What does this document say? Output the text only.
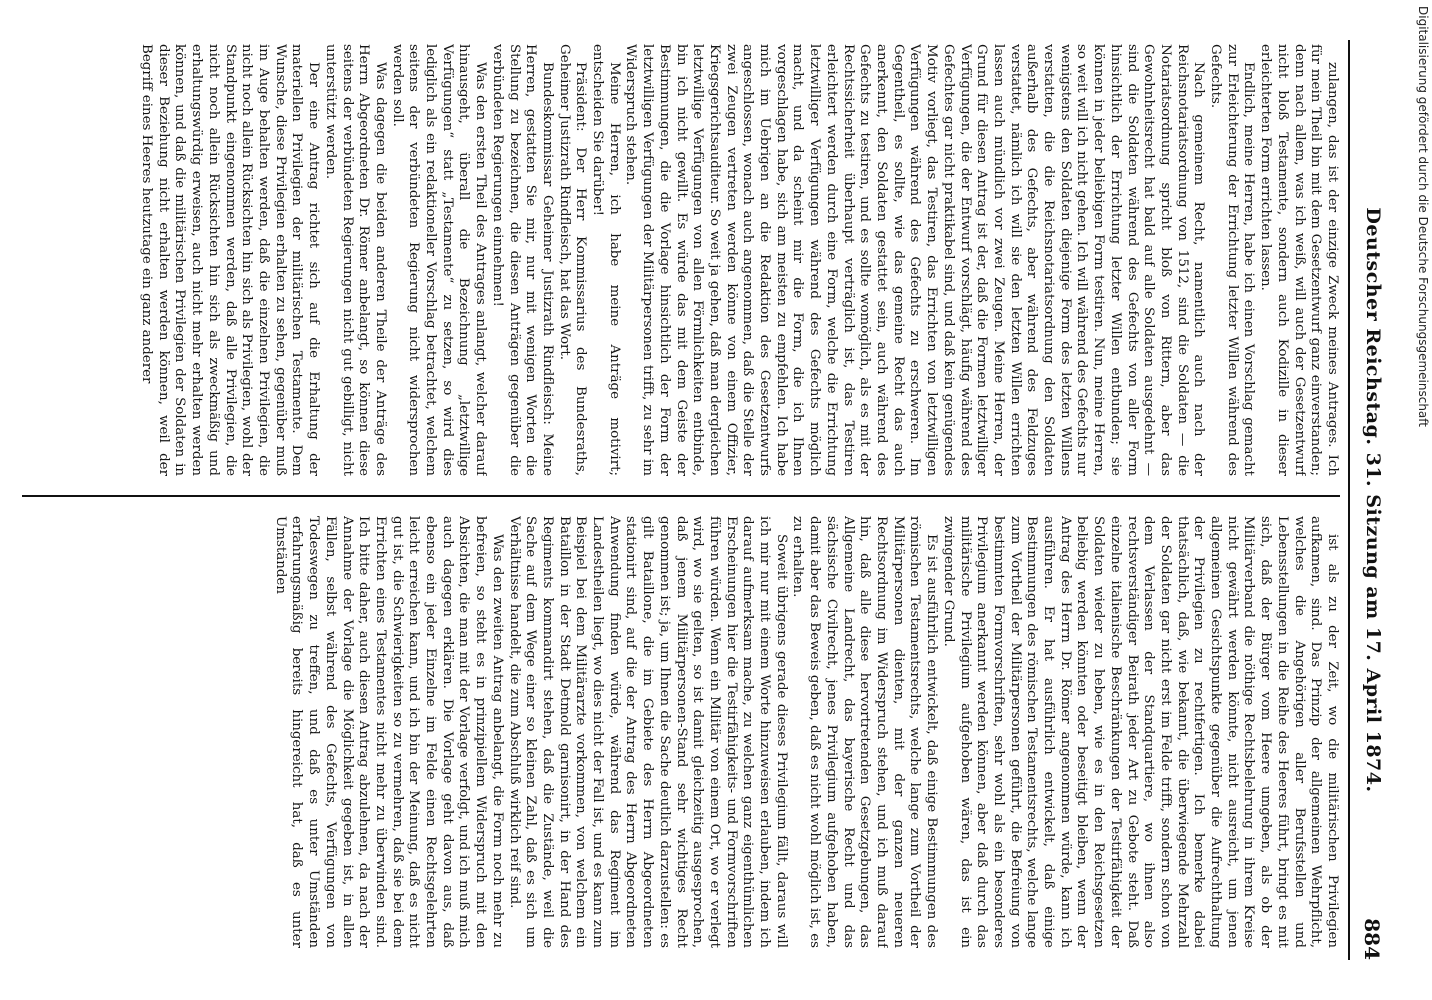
Digitalisierung gefördert durch die Deutsche Forschungsgemeinschaft
Deutscher Reichstag. 31. Sitzung am 17. April 1874.
884

zulangen, das ist der einzige Zweck meines Antrages. Ich für mein Theil bin mit dem Gesetzentwurf ganz einverstanden; denn nach allem, was ich weiß, will auch der Gesetzentwurf nicht bloß Testamente, sondern auch Kodizille in dieser erleichterten Form errichten lassen.

Endlich, meine Herren, habe ich einen Vorschlag gemacht zur Erleichterung der Errichtung letzter Willen während des Gefechts.

Nach gemeinem Recht, namentlich auch nach der Reichsnotariatsordnung von 1512, sind die Soldaten — die Notariatsordnung spricht bloß von Rittern, aber das Gewohnheitsrecht hat bald auf alle Soldaten ausgedehnt — sind die Soldaten während des Gefechts von aller Form hinsichtlich der Errichtung letzter Willen entbunden; sie können in jeder beliebigen Form testiren. Nun, meine Herren, so weit will ich nicht gehen. Ich will während des Gefechts nur wenigstens den Soldaten diejenige Form des letzten Willens verstatten, die die Reichsnotariatsordnung den Soldaten außerhalb des Gefechts, aber während des Feldzuges verstattet, nämlich ich will sie den letzten Willen errichten lassen auch mündlich vor zwei Zeugen. Meine Herren, der Grund für diesen Antrag ist der, daß die Formen letztwilliger Verfügungen, die der Entwurf vorschlägt, häufig während des Gefechtes gar nicht praktikabel sind, und daß kein genügendes Motiv vorliegt, das Testiren, das Errichten von letztwilligen Verfügungen während des Gefechts zu erschweren. Im Gegentheil, es sollte, wie das gemeine Recht das auch anerkennt, den Soldaten gestattet sein, auch während des Gefechts zu testiren, und es sollte womöglich, als es mit der Rechtssicherheit überhaupt verträglich ist, das Testiren erleichtert werden durch eine Form, welche die Errichtung letztwilliger Verfügungen während des Gefechts möglich macht, und da scheint mir die Form, die ich Ihnen vorgeschlagen habe, sich am meisten zu empfehlen. Ich habe mich im Uebrigen an die Redaktion des Gesetzentwurfs angeschlossen, wonach auch angenommen, daß die Stelle der zwei Zeugen vertreten werden könne von einem Offizier, Kriegsgerichtsauditeur. So weit ja gehen, daß man dergleichen letztwillige Verfügungen von allen Förmlichkeiten entbinde, bin ich nicht gewillt. Es würde das mit dem Geiste der Bestimmungen, die die Vorlage hinsichtlich der Form der letztwilligen Verfügungen der Militärpersonen trifft, zu sehr im Widerspruch stehen.

Meine Herren, ich habe meine Anträge motivirt; entscheiden Sie darüber!

Präsident: Der Herr Kommissarius des Bundesraths, Geheimer Justizrath Rindfleisch, hat das Wort.

Bundeskommissar Geheimer Justizrath Rindfleisch: Meine Herren, gestatten Sie mir, nur mit wenigen Worten die Stellung zu bezeichnen, die diesen Anträgen gegenüber die verbündeten Regierungen einnehmen!

Was den ersten Theil des Antrages anlangt, welcher darauf hinausgeht, überall die Bezeichnung „letztwillige Verfügungen“ statt „Testamente“ zu setzen, so wird dies lediglich als ein redaktioneller Vorschlag betrachtet, welchem seitens der verbündeten Regierung nicht widersprochen werden soll.

Was dagegen die beiden anderen Theile der Anträge des Herrn Abgeordneten Dr. Römer anbelangt, so können diese seitens der verbündeten Regierungen nicht gut gebilligt, nicht unterstützt werden.

Der eine Antrag richtet sich auf die Erhaltung der materiellen Privilegien der militärischen Testamente. Dem Wunsche, diese Privilegien erhalten zu sehen, gegenüber muß im Auge behalten werden, daß die einzelnen Privilegien, die nicht noch allein Rücksichten hin sich als Privilegien, wohl der Standpunkt eingenommen werden, daß alle Privilegien, die nicht noch allein Rücksichten hin sich als zweckmäßig und erhaltungswürdig erweisen, auch nicht mehr erhalten werden können, und daß die militärischen Privilegien der Soldaten in dieser Beziehung nicht erhalten werden können, weil der Begriff eines Heeres heutzutage ein ganz anderer

ist als zu der Zeit, wo die militärischen Privilegien aufkamen, sind. Das Prinzip der allgemeinen Wehrpflicht, welches die Angehörigen aller Berufsstellen und Lebensstellungen in die Reihe des Heeres führt, bringt es mit sich, daß der Bürger vom Heere umgeben, als ob der Militärverband die nöthige Rechtsbelehrung in ihrem Kreise nicht gewährt werden könnte, nicht ausreicht, um jenen allgemeinen Gesichtspunkte gegenüber die Aufrechthaltung der Privilegien zu rechtfertigen. Ich bemerke dabei thatsächlich, daß, wie bekannt, die überwiegende Mehrzahl der Soldaten gar nicht erst im Felde trifft, sondern schon von dem Verlassen der Standquartiere, wo ihnen also rechtsverständiger Beirath jeder Art zu Gebote steht. Daß einzelne italienische Beschränkungen der Testirfähigkeit der Soldaten wieder zu heben, wie es in den Reichsgesetzen beliebig werden könnten oder beseitigt bleiben, wenn der Antrag des Herrn Dr. Römer angenommen würde, kann ich ausführen. Er hat ausführlich entwickelt, daß einige Bestimmungen des römischen Testamentsrechts, welche lange zum Vortheil der Militärpersonen geführt, die Befreiung von bestimmten Formvorschriften, sehr wohl als ein besonderes Privilegium anerkannt werden können, aber daß durch das militärische Privilegium aufgehoben wären, das ist ein zwingender Grund.

Es ist ausführlich entwickelt, daß einige Bestimmungen des römischen Testamentsrechts, welche lange zum Vortheil der Militärpersonen dienten, mit der ganzen neueren Rechtsordnung im Widerspruch stehen, und ich muß darauf hin, daß alle diese hervortretenden Gesetzgebungen, das Allgemeine Landrecht, das bayerische Recht und das sächsische Civilrecht, jenes Privilegium aufgehoben haben, damit aber das Beweis geben, daß es nicht wohl möglich ist, es zu erhalten.

Soweit übrigens gerade dieses Privilegium fällt, daraus will ich mir nur mit einem Worte hinzuweisen erlauben, indem ich darauf aufmerksam mache, zu welchen ganz eigenthümlichen Erscheinungen hier die Testirfähigkeits- und Formvorschriften führen würden. Wenn ein Militär von einem Ort, wo er verlegt wird, wo sie gelten, so ist damit gleichzeitig ausgesprochen, daß jenem Militärpersonen-Stand sehr wichtiges Recht genommen ist; ja, um Ihnen die Sache deutlich darzustellen: es gilt Bataillone, die im Gebiete des Herrn Abgeordneten stationirt sind, auf die der Antrag des Herrn Abgeordneten Anwendung finden würde, während das Regiment im Landestheilen liegt, wo dies nicht der Fall ist, und es kann zum Beispiel bei dem Militärarzte vorkommen, von welchem ein Bataillon in der Stadt Detmold garnisonirt, in der Hand des Regiments kommandirt stehen, daß die Zustände, weil die Sache auf dem Wege einer so kleinen Zahl, daß es sich um Verhältnisse handelt, die zum Abschluß wirklich reif sind.

Was den zweiten Antrag anbelangt, die Form noch mehr zu befreien, so steht es in prinzipiellem Widerspruch mit den Absichten, die man mit der Vorlage verfolgt, und ich muß mich auch dagegen erklären. Die Vorlage geht davon aus, daß ebenso ein jeder Einzelne im Felde einen Rechtsgelehrten leicht erreichen kann, und ich bin der Meinung, daß es nicht gut ist, die Schwierigkeiten so zu vermehren, daß sie bei dem Errichten eines Testamentes nicht mehr zu überwinden sind. Ich bitte daher, auch diesen Antrag abzulehnen, da nach der Annahme der Vorlage die Möglichkeit gegeben ist, in allen Fällen, selbst während des Gefechts, Verfügungen von Todeswegen zu treffen, und daß es unter Umständen erfahrungsmäßig bereits hingereicht hat, daß es unter Umständen
